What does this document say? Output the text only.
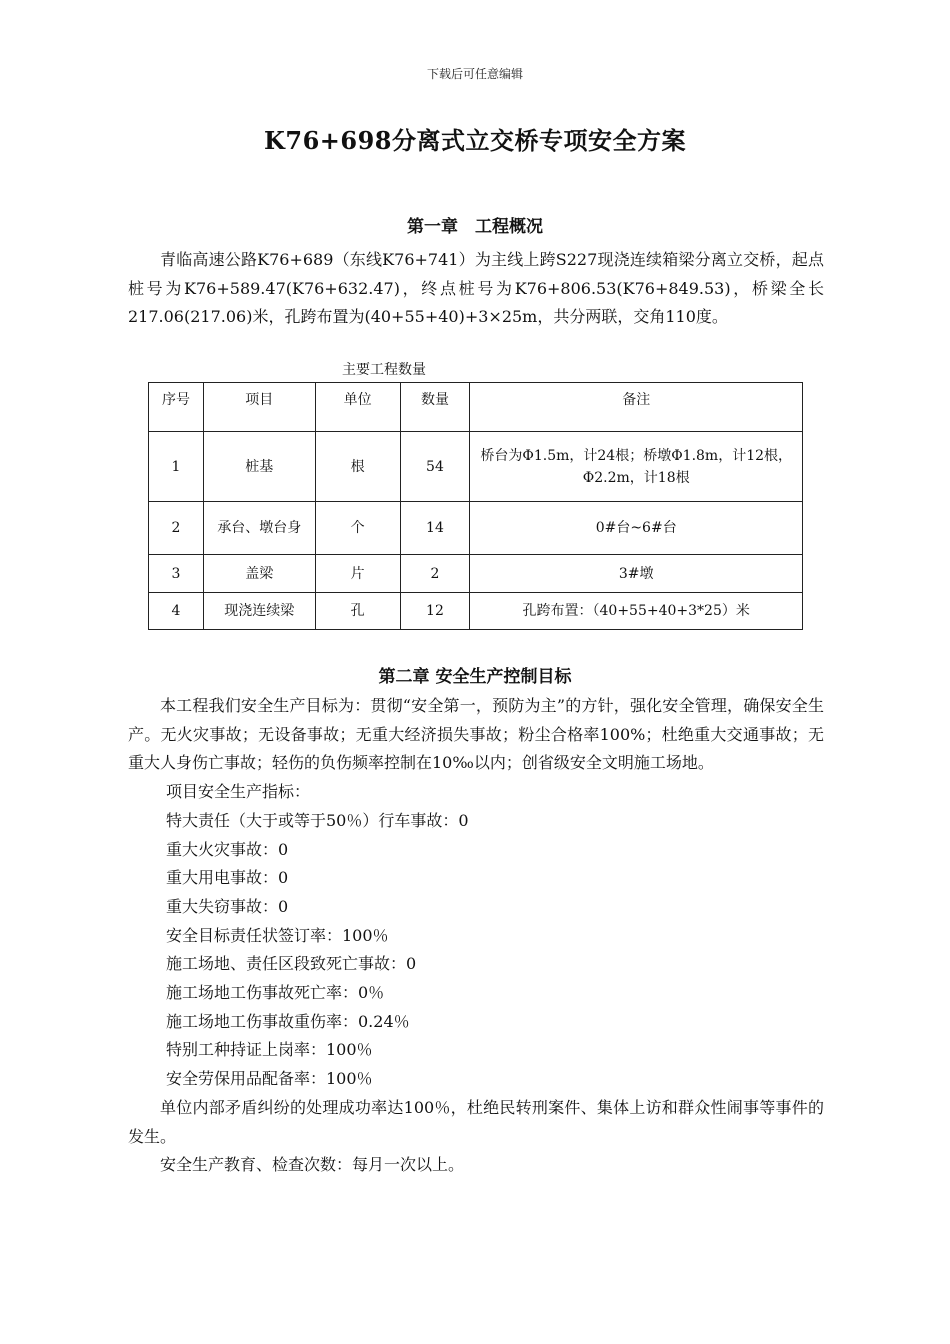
下载后可任意编辑
K76+698分离式立交桥专项安全方案
第一章　工程概况

青临高速公路K76+689（东线K76+741）为主线上跨S227现浇连续箱梁分离立交桥，起点桩号为K76+589.47(K76+632.47)，终点桩号为K76+806.53(K76+849.53)，桥梁全长217.06(217.06)米，孔跨布置为(40+55+40)+3×25m，共分两联，交角110度。

主要工程数量
序号	项目	单位	数量	备注
1	桩基	根	54	桥台为Φ1.5m，计24根；桥墩Φ1.8m，计12根，Φ2.2m，计18根
2	承台、墩台身	个	14	0#台~6#台
3	盖梁	片	2	3#墩
4	现浇连续梁	孔	12	孔跨布置：（40+55+40+3*25）米
第二章 安全生产控制目标

本工程我们安全生产目标为：贯彻“安全第一，预防为主”的方针，强化安全管理，确保安全生产。无火灾事故；无设备事故；无重大经济损失事故；粉尘合格率100%；杜绝重大交通事故；无重大人身伤亡事故；轻伤的负伤频率控制在10‰以内；创省级安全文明施工场地。

项目安全生产指标：

特大责任（大于或等于50％）行车事故：0

重大火灾事故：0

重大用电事故：0

重大失窃事故：0

安全目标责任状签订率：100％

施工场地、责任区段致死亡事故：0

施工场地工伤事故死亡率：0％

施工场地工伤事故重伤率：0.24％

特别工种持证上岗率：100％

安全劳保用品配备率：100％

单位内部矛盾纠纷的处理成功率达100％，杜绝民转刑案件、集体上访和群众性闹事等事件的发生。

安全生产教育、检查次数：每月一次以上。
